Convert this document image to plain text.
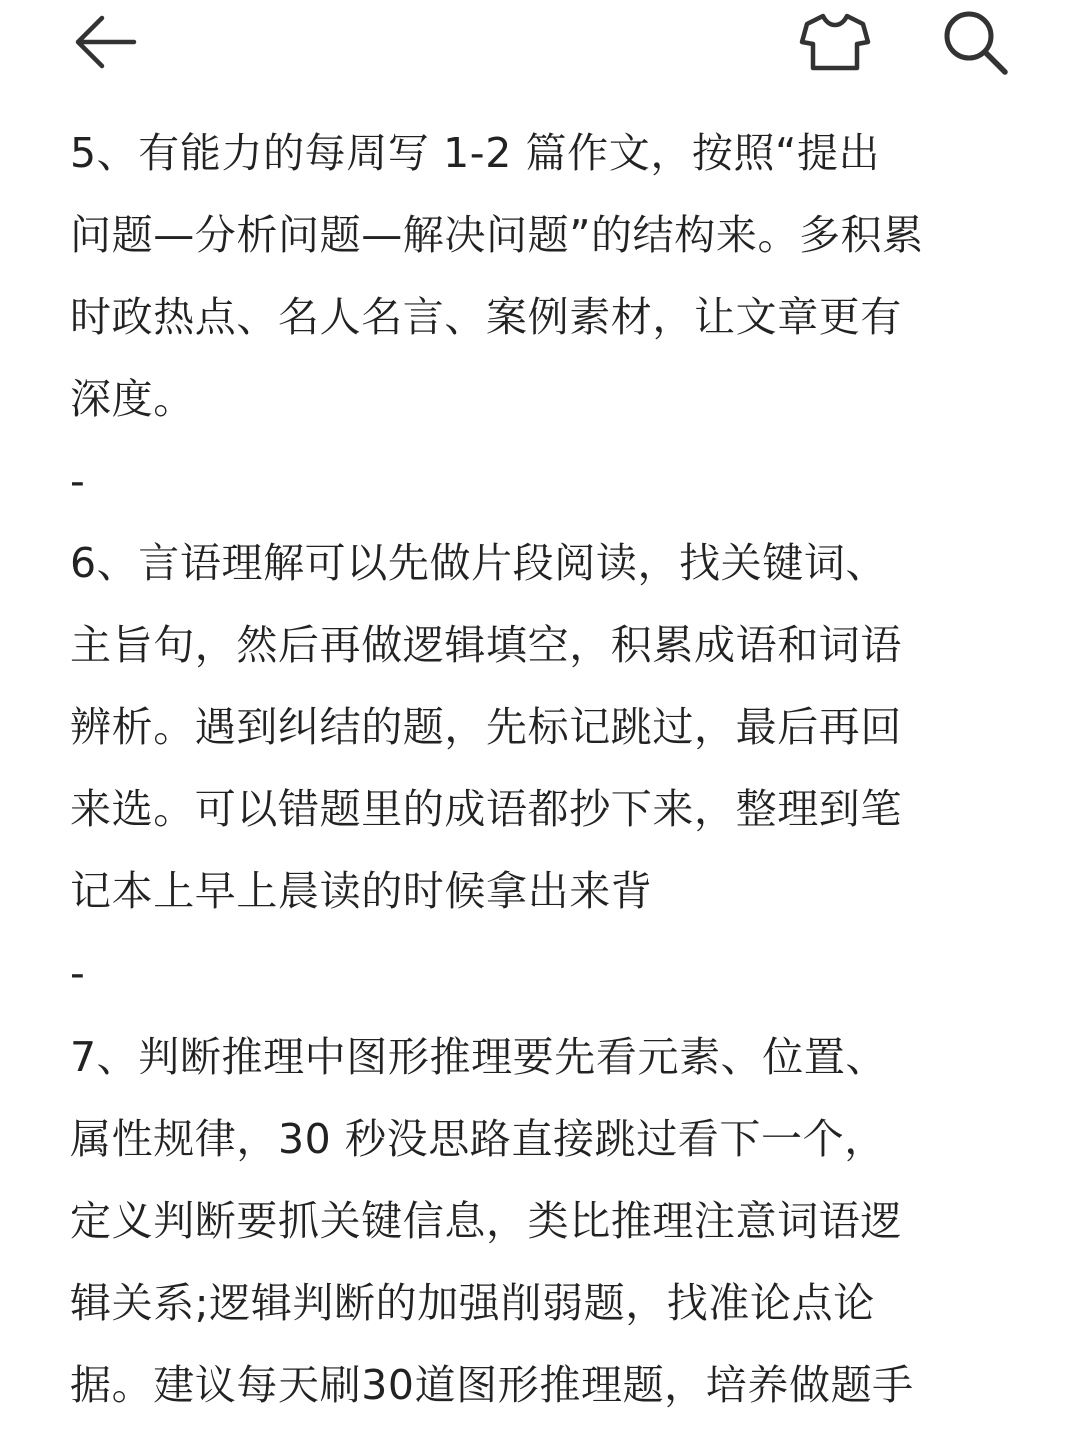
5、有能力的每周写 1-2 篇作文，按照“提出
问题—分析问题—解决问题”的结构来。多积累
时政热点、名人名言、案例素材，让文章更有
深度。

-

6、言语理解可以先做片段阅读，找关键词、
主旨句，然后再做逻辑填空，积累成语和词语
辨析。遇到纠结的题，先标记跳过，最后再回
来选。可以错题里的成语都抄下来，整理到笔
记本上早上晨读的时候拿出来背

-

7、判断推理中图形推理要先看元素、位置、
属性规律，30 秒没思路直接跳过看下一个，
定义判断要抓关键信息，类比推理注意词语逻
辑关系;逻辑判断的加强削弱题，找准论点论
据。建议每天刷30道图形推理题，培养做题手
